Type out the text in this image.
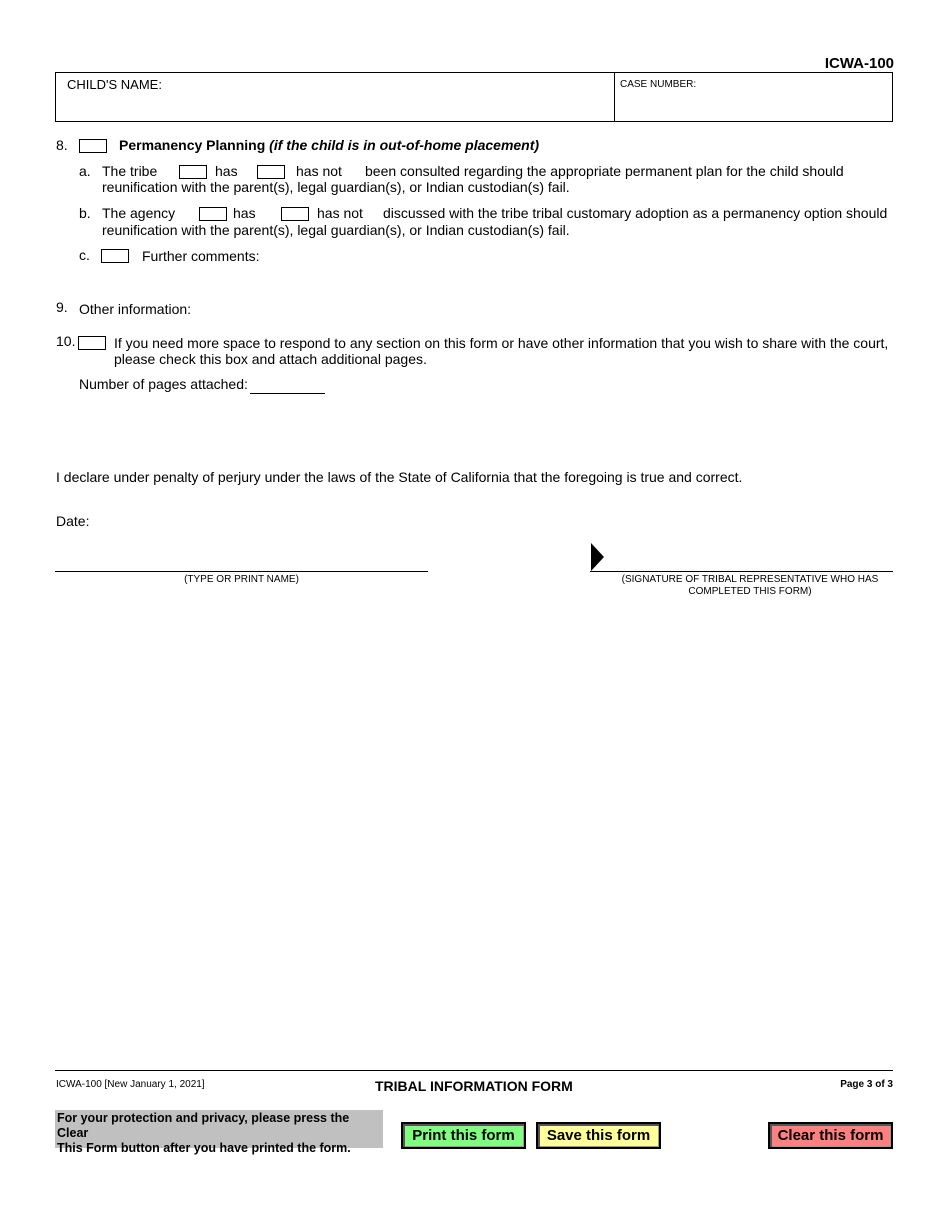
ICWA-100
CHILD'S NAME:	CASE NUMBER:
8.	Permanency Planning (if the child is in out-of-home placement)
a. The tribe	has	has not been consulted regarding the appropriate permanent plan for the child should
reunification with the parent(s), legal guardian(s), or Indian custodian(s) fail.
b. The agency	has	has not discussed with the tribe tribal customary adoption as a permanency option should
reunification with the parent(s), legal guardian(s), or Indian custodian(s) fail.
c.	Further comments:
9. Other information:
10.	If you need more space to respond to any section on this form or have other information that you wish to share with the court,
please check this box and attach additional pages.
Number of pages attached:
I declare under penalty of perjury under the laws of the State of California that the foregoing is true and correct.
Date:
(TYPE OR PRINT NAME)	(SIGNATURE OF TRIBAL REPRESENTATIVE WHO HAS
COMPLETED THIS FORM)
ICWA-100 [New January 1, 2021]	TRIBAL INFORMATION FORM	Page 3 of 3
For your protection and privacy, please press the Clear
This Form button after you have printed the form.
Print this form	Save this form	Clear this form
